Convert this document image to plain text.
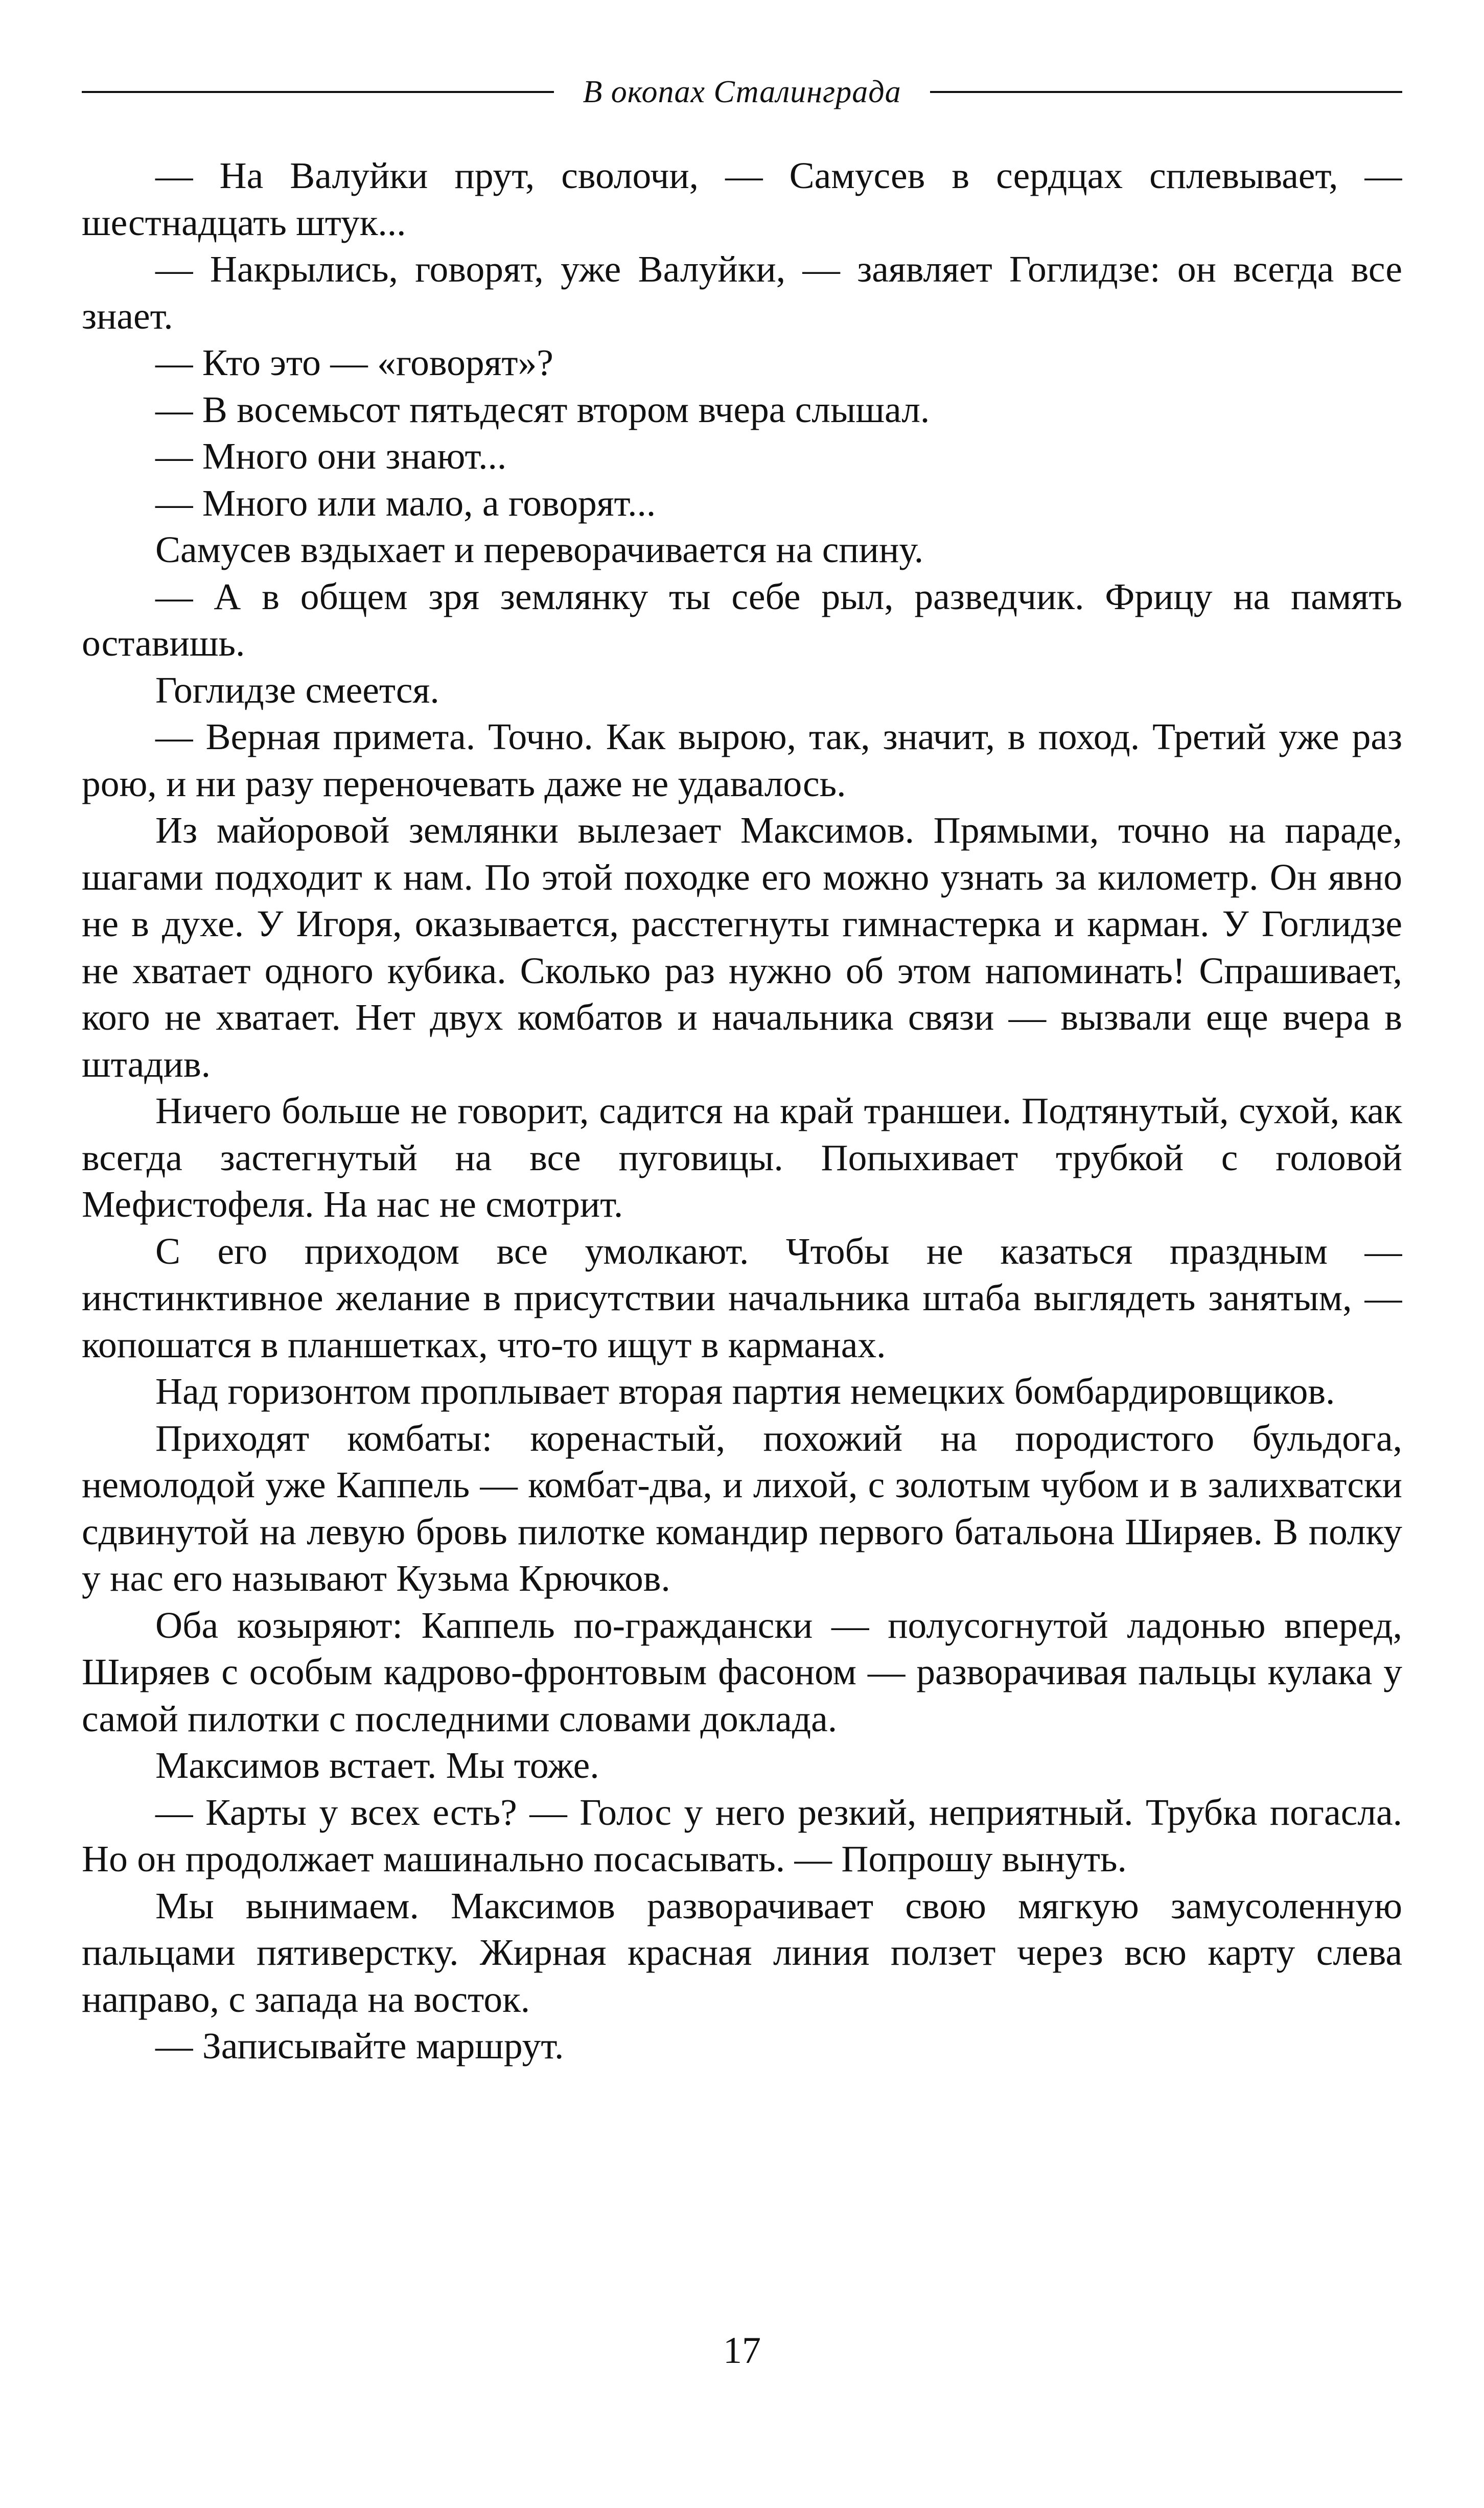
В окопах Сталинграда

— На Валуйки прут, сволочи, — Самусев в сердцах сплевывает, — шестнадцать штук...

— Накрылись, говорят, уже Валуйки, — заявляет Гоглидзе: он всегда все знает.

— Кто это — «говорят»?

— В восемьсот пятьдесят втором вчера слышал.

— Много они знают...

— Много или мало, а говорят...

Самусев вздыхает и переворачивается на спину.

— А в общем зря землянку ты себе рыл, разведчик. Фрицу на память оставишь.

Гоглидзе смеется.

— Верная примета. Точно. Как вырою, так, значит, в поход. Третий уже раз рою, и ни разу переночевать даже не удавалось.

Из майоровой землянки вылезает Максимов. Прямыми, точно на параде, шагами подходит к нам. По этой походке его можно узнать за километр. Он явно не в духе. У Игоря, оказывается, расстегнуты гимнастерка и карман. У Гоглидзе не хватает одного кубика. Сколько раз нужно об этом напоминать! Спрашивает, кого не хватает. Нет двух комбатов и начальника связи — вызвали еще вчера в штадив.

Ничего больше не говорит, садится на край траншеи. Подтянутый, сухой, как всегда застегнутый на все пуговицы. Попыхивает трубкой с головой Мефистофеля. На нас не смотрит.

С его приходом все умолкают. Чтобы не казаться праздным — инстинктивное желание в присутствии начальника штаба выглядеть занятым, — копошатся в планшетках, что-то ищут в карманах.

Над горизонтом проплывает вторая партия немецких бомбардировщиков.

Приходят комбаты: коренастый, похожий на породистого бульдога, немолодой уже Каппель — комбат-два, и лихой, с золотым чубом и в залихватски сдвинутой на левую бровь пилотке командир первого батальона Ширяев. В полку у нас его называют Кузьма Крючков.

Оба козыряют: Каппель по-граждански — полусогнутой ладонью вперед, Ширяев с особым кадрово-фронтовым фасоном — разворачивая пальцы кулака у самой пилотки с последними словами доклада.

Максимов встает. Мы тоже.

— Карты у всех есть? — Голос у него резкий, неприятный. Трубка погасла. Но он продолжает машинально посасывать. — Попрошу вынуть.

Мы вынимаем. Максимов разворачивает свою мягкую замусоленную пальцами пятиверстку. Жирная красная линия ползет через всю карту слева направо, с запада на восток.

— Записывайте маршрут.

17
